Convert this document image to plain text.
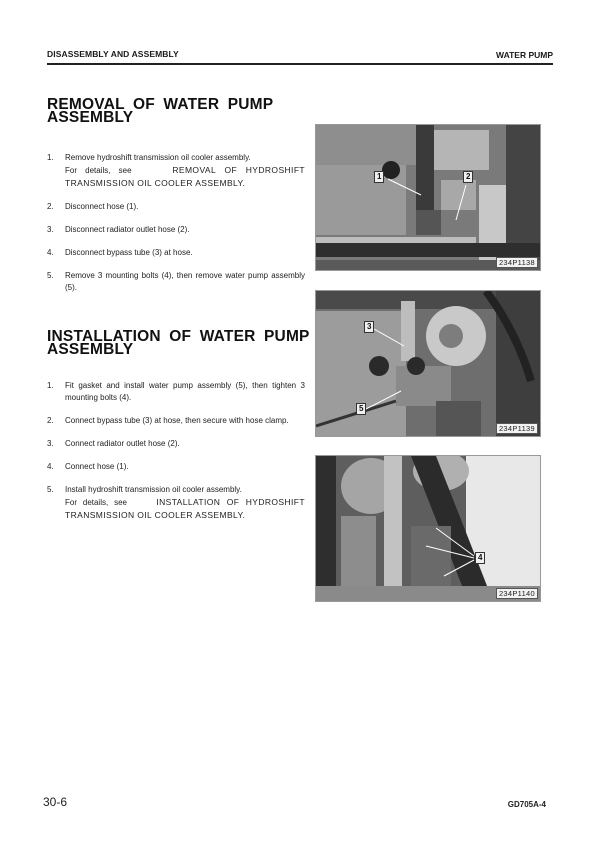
DISASSEMBLY AND ASSEMBLY	WATER PUMP
REMOVAL OF WATER PUMP
ASSEMBLY
1. Remove hydroshift transmission oil cooler assembly.
For details, see	REMOVAL OF HYDROSHIFT TRANSMISSION OIL COOLER ASSEMBLY.
2. Disconnect hose (1).
3. Disconnect radiator outlet hose (2).
4. Disconnect bypass tube (3) at hose.
5. Remove 3 mounting bolts (4), then remove water pump assembly (5).
INSTALLATION OF WATER PUMP
ASSEMBLY
1. Fit gasket and install water pump assembly (5), then tighten 3 mounting bolts (4).
2. Connect bypass tube (3) at hose, then secure with hose clamp.
3. Connect radiator outlet hose (2).
4. Connect hose (1).
5. Install hydroshift transmission oil cooler assembly.
For details, see	INSTALLATION OF HYDROSHIFT TRANSMISSION OIL COOLER ASSEMBLY.
1	2
234P1138
3
5
234P1139
4
234P1140
30-6	GD705A-4
